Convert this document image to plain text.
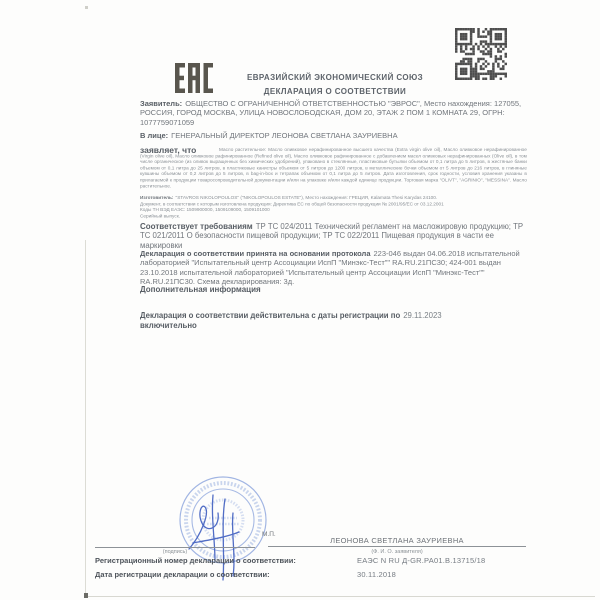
ЕВРАЗИЙСКИЙ ЭКОНОМИЧЕСКИЙ СОЮЗ
ДЕКЛАРАЦИЯ О СООТВЕТСТВИИ
Заявитель: ОБЩЕСТВО С ОГРАНИЧЕННОЙ ОТВЕТСТВЕННОСТЬЮ "ЭВРОС", Место нахождения: 127055, РОССИЯ, ГОРОД МОСКВА, УЛИЦА НОВОСЛОБОДСКАЯ, ДОМ 20, ЭТАЖ 2 ПОМ 1 КОМНАТА 29, ОГРН: 1077759071059
В лице: ГЕНЕРАЛЬНЫЙ ДИРЕКТОР ЛЕОНОВА СВЕТЛАНА ЗАУРИЕВНА
заявляет, что	Масло растительное: Масло оливковое нерафинированное высшего качества (Extra virgin olive oil), Масло оливковое нерафинированное (Virgin olive oil), Масло оливковое рафинированное (Refined olive oil), Масло оливковое рафинированное с добавлением масел оливковых нерафинированных (Olive oil), в том числе органическое (из оливок выращенных без химических удобрений), упаковано в стеклянные, пластиковые бутылки объемом от 0,1 литра до 5 литров, в жестяные банки объемом от 0,1 литра до 25 литров, в пластиковые канистры объемом от 5 литров до 1200 литров, в металлические бочки объемом от 5 литров до 216 литров, в глиняные кувшины объемом от 0,2 литров до 5 литров, в bag-in-box и тетрапак объемом от 0,1 литра до 5 литров. Дата изготовления, срок годности, условия хранения указаны в прилагаемой к продукции товаросопроводительной документации и/или на упаковке и/или каждой единице продукции. Торговая марка "OLIVT", "AGRINIO", "MESSINA". Масло растительное.

Изготовитель: "STAVROS NIKOLOPOULOS" ("NIKOLOPOULOS ESTATE"), Место нахождения: ГРЕЦИЯ, Kalamata Thesi Karydas 24100.

Документ, в соответствии с которым изготовлена продукция: Директива ЕС по общей безопасности продукции № 2001/95/ЕС от 03.12.2001

Коды ТН ВЭД ЕАЭС: 1509900000, 1509109000, 1509101000

Серийный выпуск.

Соответствует требованиям ТР ТС 024/2011 Технический регламент на масложировую продукцию; ТР ТС 021/2011 О безопасности пищевой продукции; ТР ТС 022/2011 Пищевая продукция в части ее маркировки
Декларация о соответствии принята на основании протокола 223-046 выдан 04.06.2018 испытательной лабораторией "Испытательный центр Ассоциации ИспП "Минэкс-Тест"" RA.RU.21ПС30; 424-001 выдан 23.10.2018 испытательной лабораторией "Испытательный центр Ассоциации ИспП "Минэкс-Тест"" RA.RU.21ПС30. Схема декларирования: 3д.
Дополнительная информация
Декларация о соответствии действительна с даты регистрации по 29.11.2023 включительно
М.П.
(подпись)
ЛЕОНОВА СВЕТЛАНА ЗАУРИЕВНА
(Ф. И. О. заявителя)
Регистрационный номер декларации о соответствии:	ЕАЭС N RU Д-GR.РА01.В.13715/18
Дата регистрации декларации о соответствии:	30.11.2018
